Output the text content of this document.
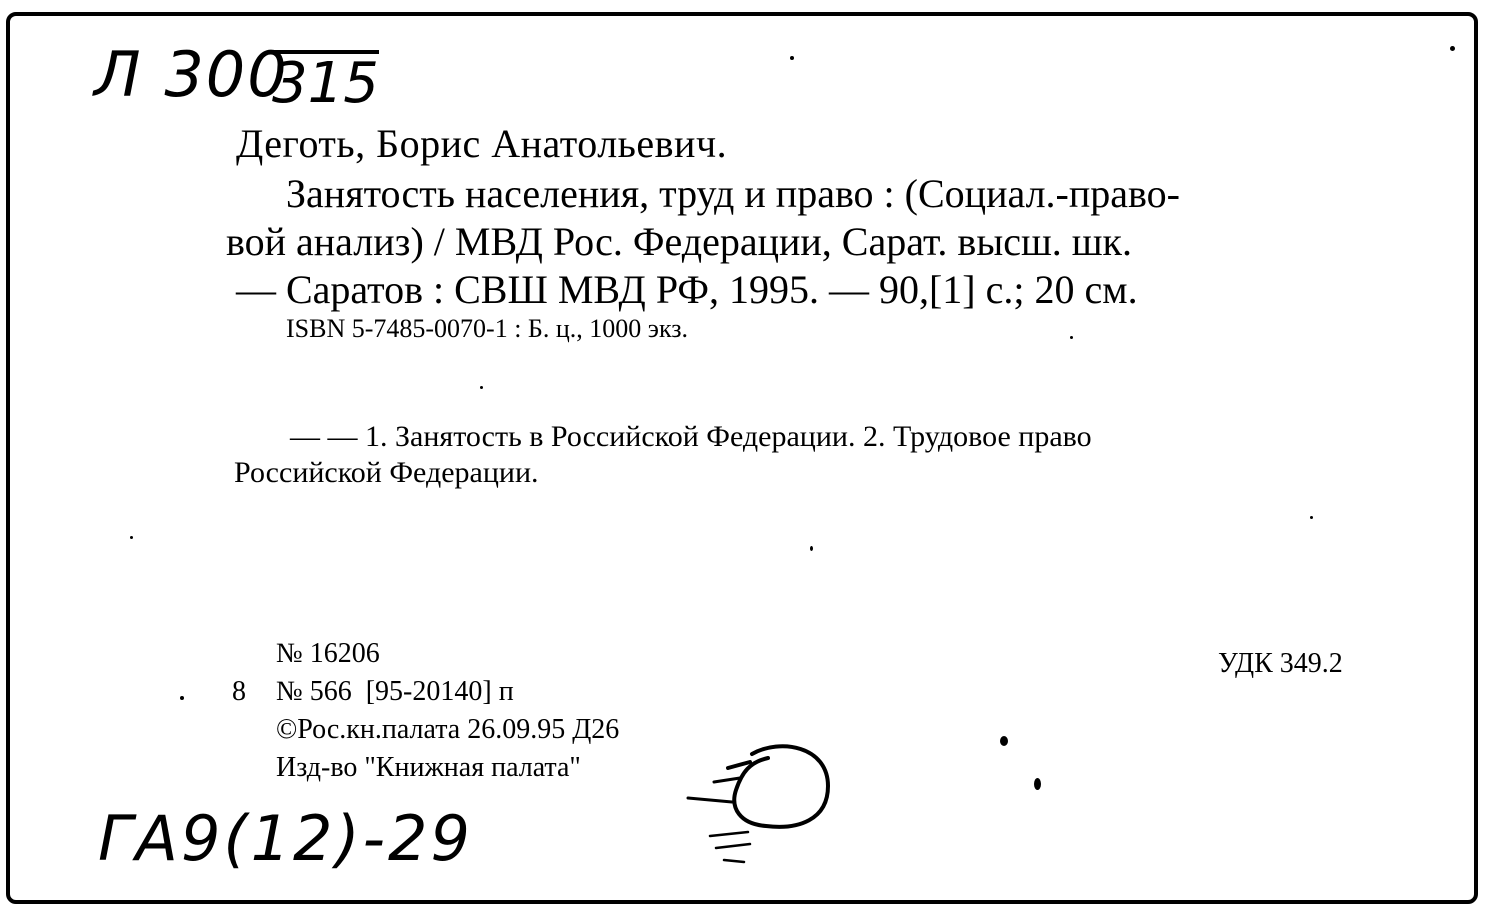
Л 300
315
Деготь, Борис Анатольевич.
Занятость населения, труд и право : (Социал.-право-
вой анализ) / МВД Рос. Федерации, Сарат. высш. шк.
— Саратов : СВШ МВД РФ, 1995. — 90,[1] с.; 20 см.
ISBN 5-7485-0070-1 : Б. ц., 1000 экз.
— — 1. Занятость в Российской Федерации. 2. Трудовое право
Российской Федерации.
№ 16206
8 № 566  [95-20140] п
©Рос.кн.палата 26.09.95 Д26
Изд-во "Книжная палата"
УДК 349.2
ГА9(12)-29
